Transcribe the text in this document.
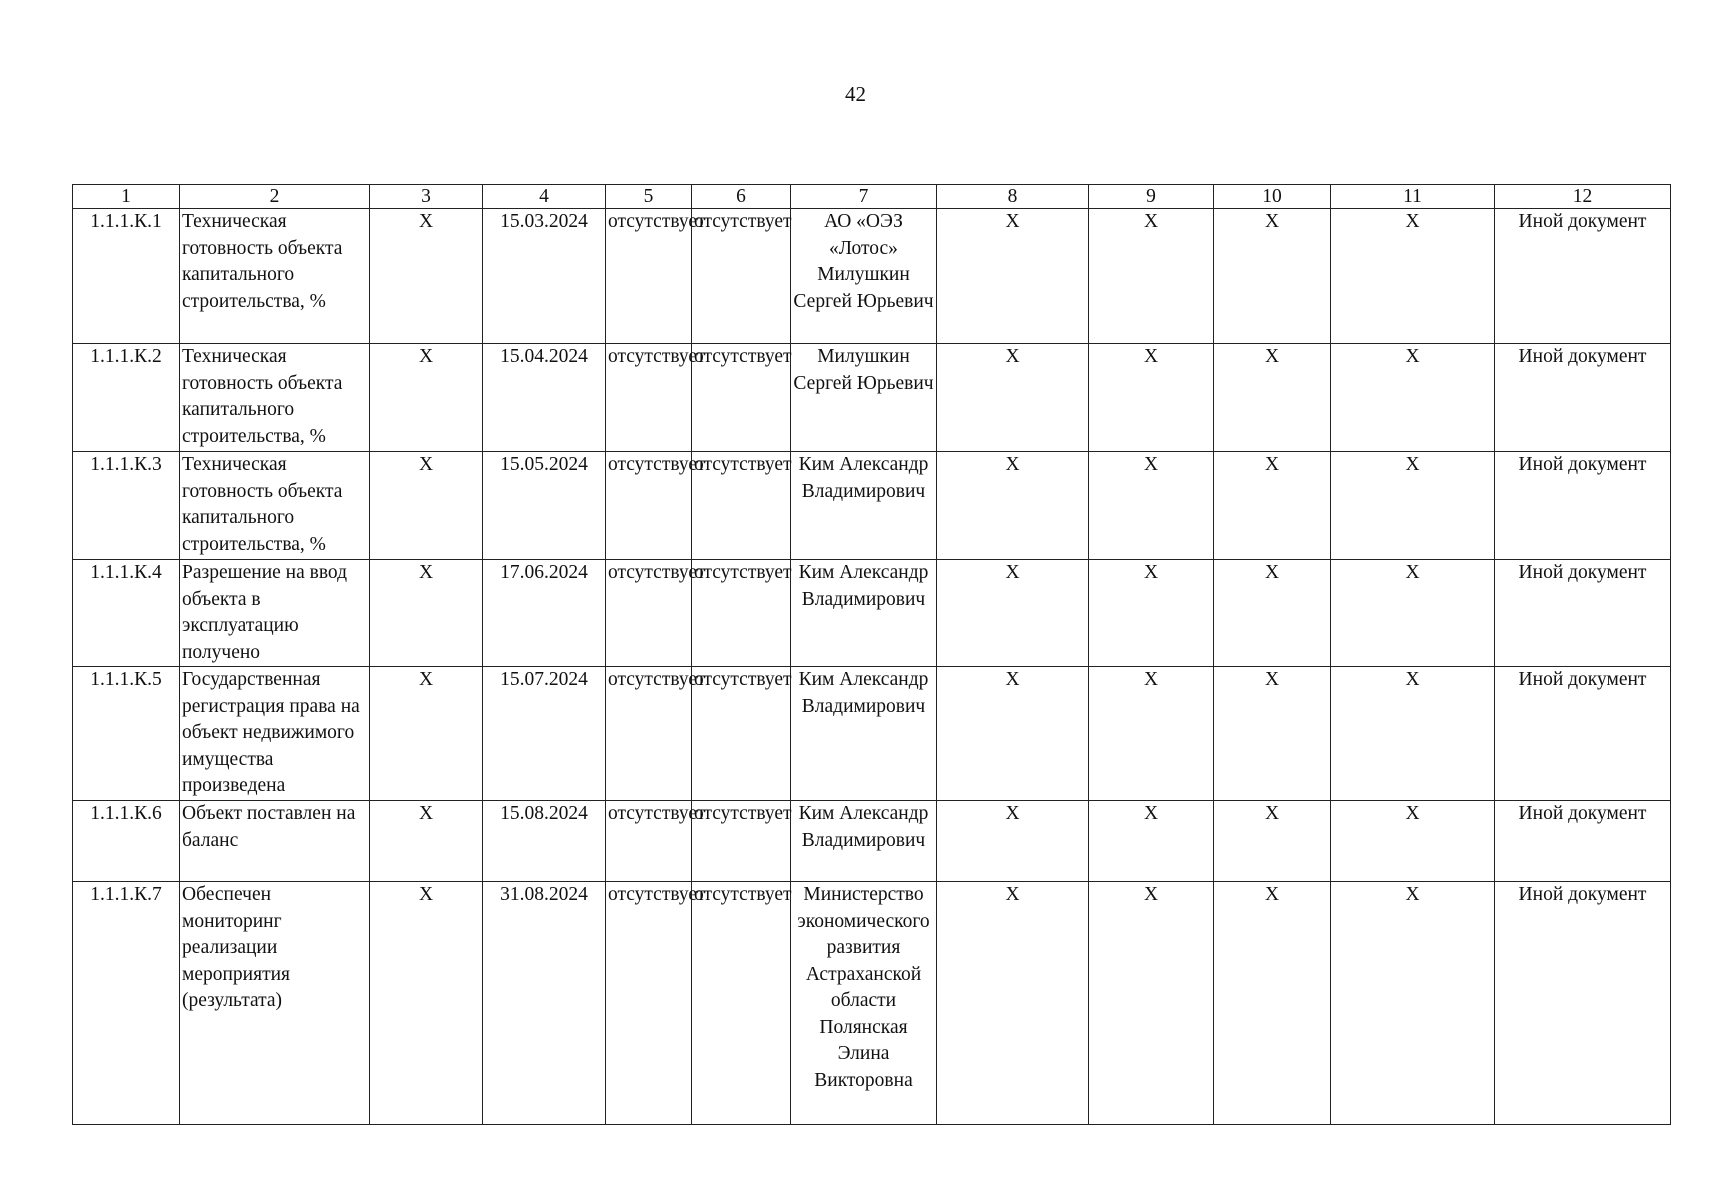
42
1	2	3	4	5	6	7	8	9	10	11	12
1.1.1.К.1	Техническая готовность объекта капитального строительства, %	X	15.03.2024	отсутствует	отсутствует	АО «ОЭЗ «Лотос» Милушкин Сергей Юрьевич	X	X	X	X	Иной документ
1.1.1.К.2	Техническая готовность объекта капитального строительства, %	X	15.04.2024	отсутствует	отсутствует	Милушкин Сергей Юрьевич	X	X	X	X	Иной документ
1.1.1.К.3	Техническая готовность объекта капитального строительства, %	X	15.05.2024	отсутствует	отсутствует	Ким Александр Владимирович	X	X	X	X	Иной документ
1.1.1.К.4	Разрешение на ввод объекта в эксплуатацию получено	X	17.06.2024	отсутствует	отсутствует	Ким Александр Владимирович	X	X	X	X	Иной документ
1.1.1.К.5	Государственная регистрация права на объект недвижимого имущества произведена	X	15.07.2024	отсутствует	отсутствует	Ким Александр Владимирович	X	X	X	X	Иной документ
1.1.1.К.6	Объект поставлен на баланс	X	15.08.2024	отсутствует	отсутствует	Ким Александр Владимирович	X	X	X	X	Иной документ
1.1.1.К.7	Обеспечен мониторинг реализации мероприятия (результата)	X	31.08.2024	отсутствует	отсутствует	Министерство экономического развития Астраханской области Полянская Элина Викторовна	X	X	X	X	Иной документ
